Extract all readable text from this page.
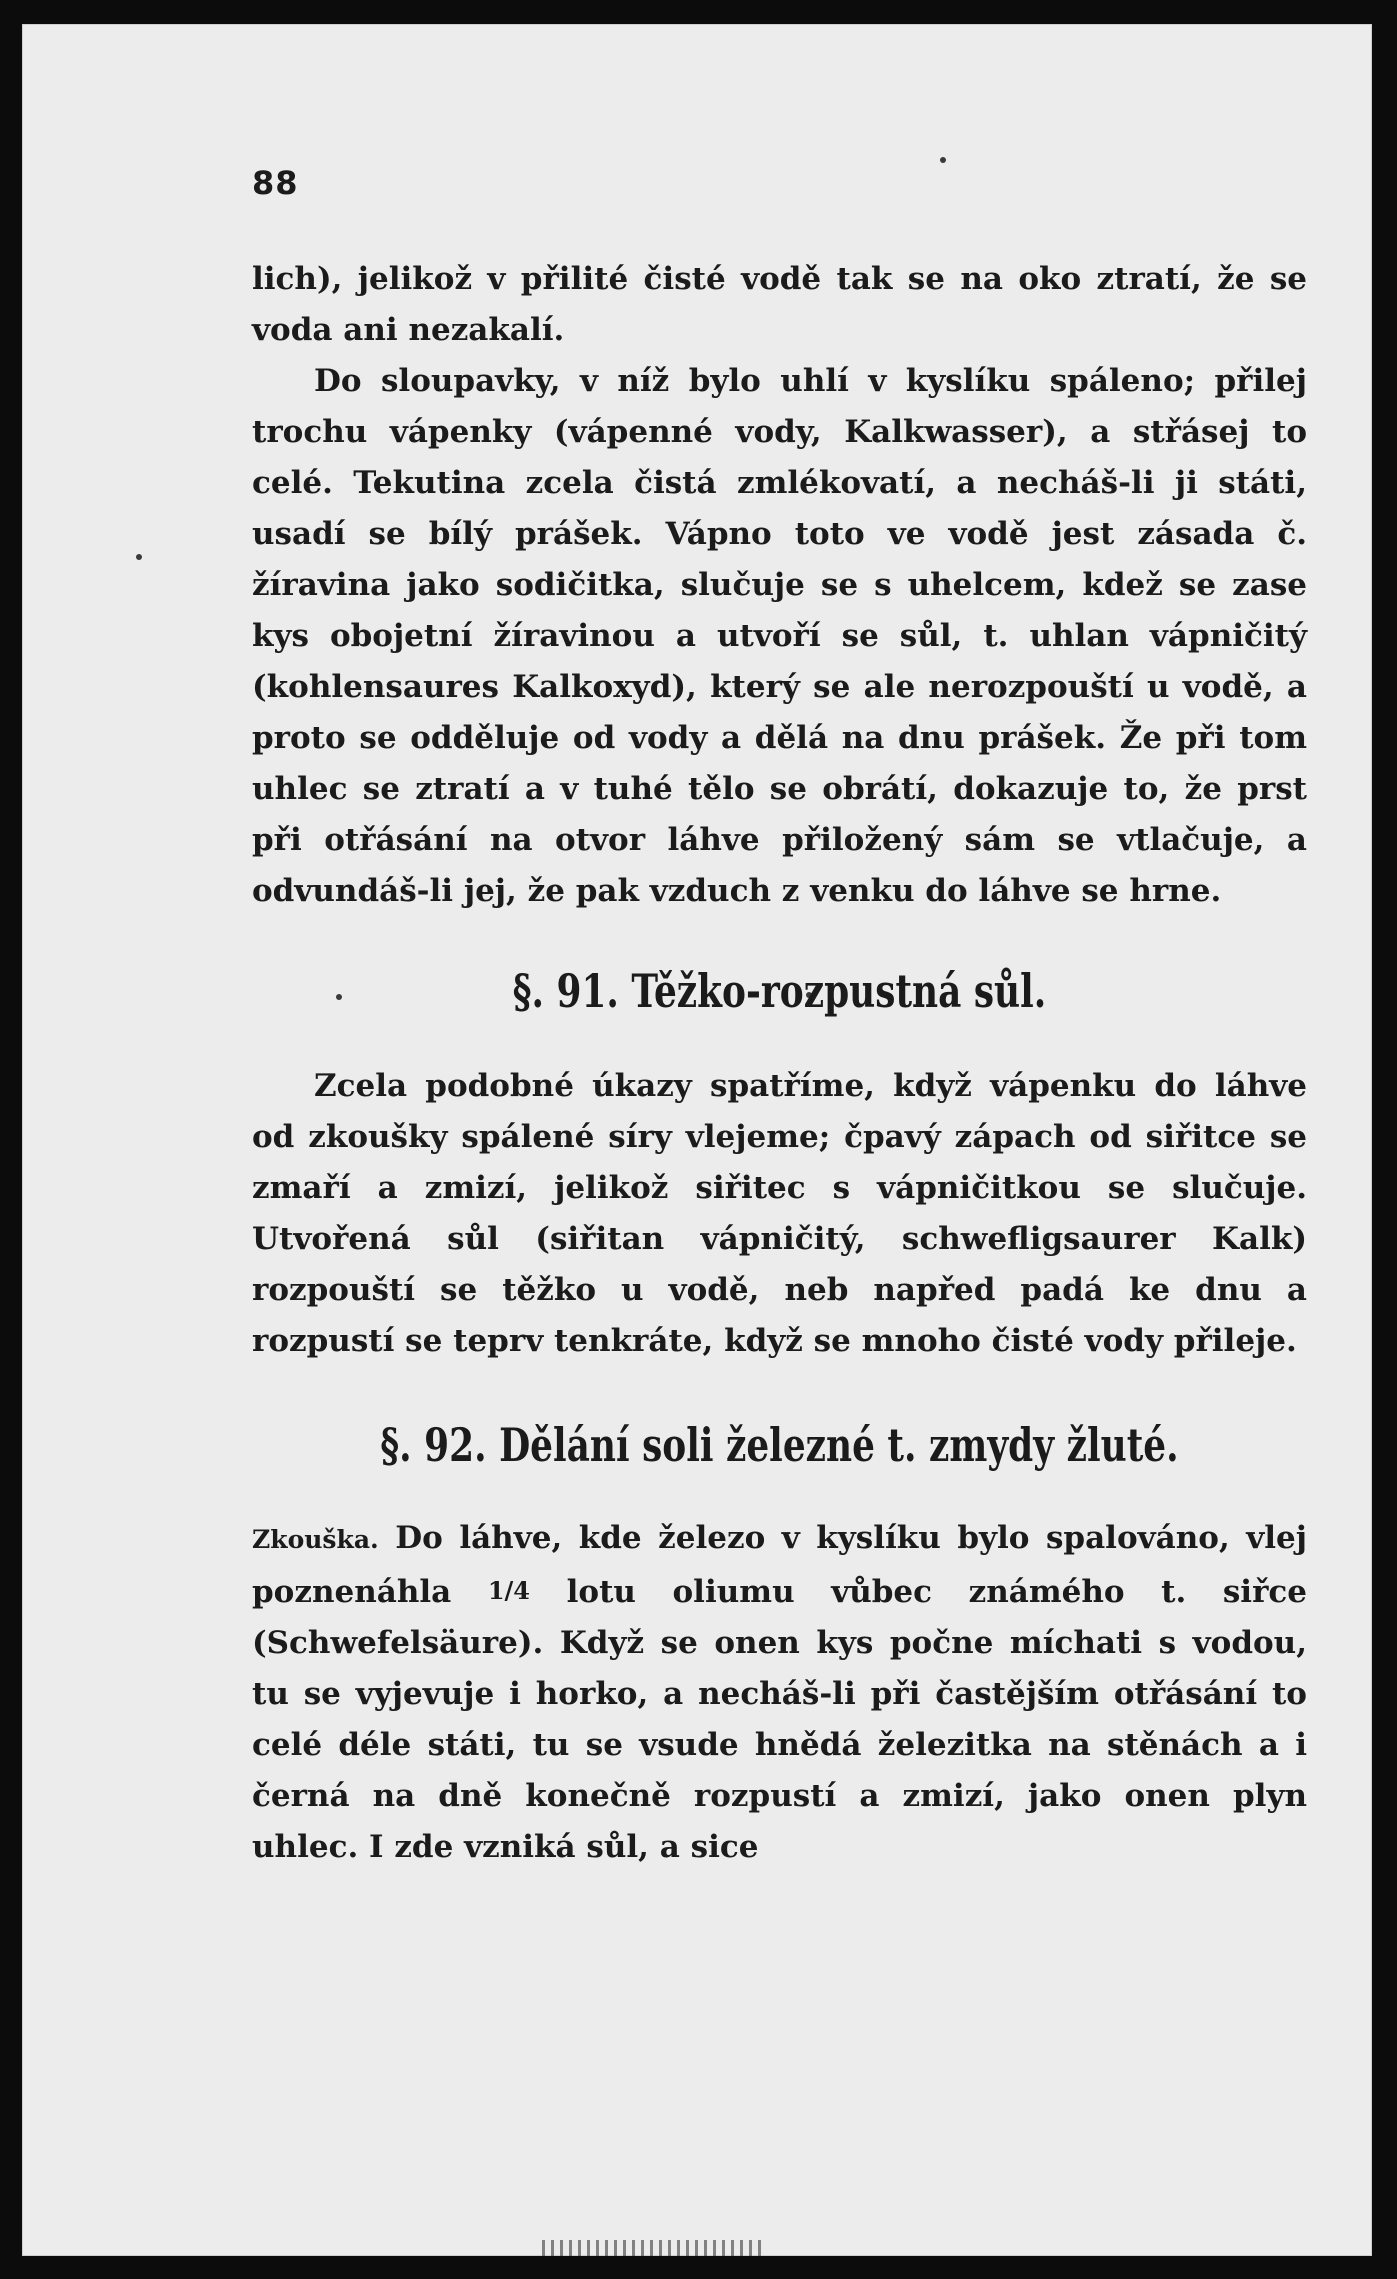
88

lich), jelikož v přilité čisté vodě tak se na oko ztratí, že se voda ani nezakalí.

Do sloupavky, v níž bylo uhlí v kyslíku spáleno; přilej trochu vápenky (vápenné vody, Kalkwasser), a střásej to celé. Tekutina zcela čistá zmlékovatí, a necháš-li ji státi, usadí se bílý prášek. Vápno toto ve vodě jest zásada č. žíravina jako sodičitka, slučuje se s uhelcem, kdež se zase kys obojetní žíravinou a utvoří se sůl, t. uhlan vápničitý (kohlensaures Kalkoxyd), který se ale nerozpouští u vodě, a proto se odděluje od vody a dělá na dnu prášek. Že při tom uhlec se ztratí a v tuhé tělo se obrátí, dokazuje to, že prst při otřásání na otvor láhve přiložený sám se vtlačuje, a odvundáš-li jej, že pak vzduch z venku do láhve se hrne.

§. 91. Těžko-rozpustná sůl.

Zcela podobné úkazy spatříme, když vápenku do láhve od zkoušky spálené síry vlejeme; čpavý zápach od siřitce se zmaří a zmizí, jelikož siřitec s vápničitkou se slučuje. Utvořená sůl (siřitan vápničitý, schwefligsaurer Kalk) rozpouští se těžko u vodě, neb napřed padá ke dnu a rozpustí se teprv tenkráte, když se mnoho čisté vody přileje.

§. 92. Dělání soli železné t. zmydy žluté.

Zkouška. Do láhve, kde železo v kyslíku bylo spalováno, vlej poznenáhla 1/4 lotu oliumu vůbec známého t. siřce (Schwefelsäure). Když se onen kys počne míchati s vodou, tu se vyjevuje i horko, a necháš-li při častějším otřásání to celé déle státi, tu se vsude hnědá železitka na stěnách a i černá na dně konečně rozpustí a zmizí, jako onen plyn uhlec. I zde vzniká sůl, a sice
